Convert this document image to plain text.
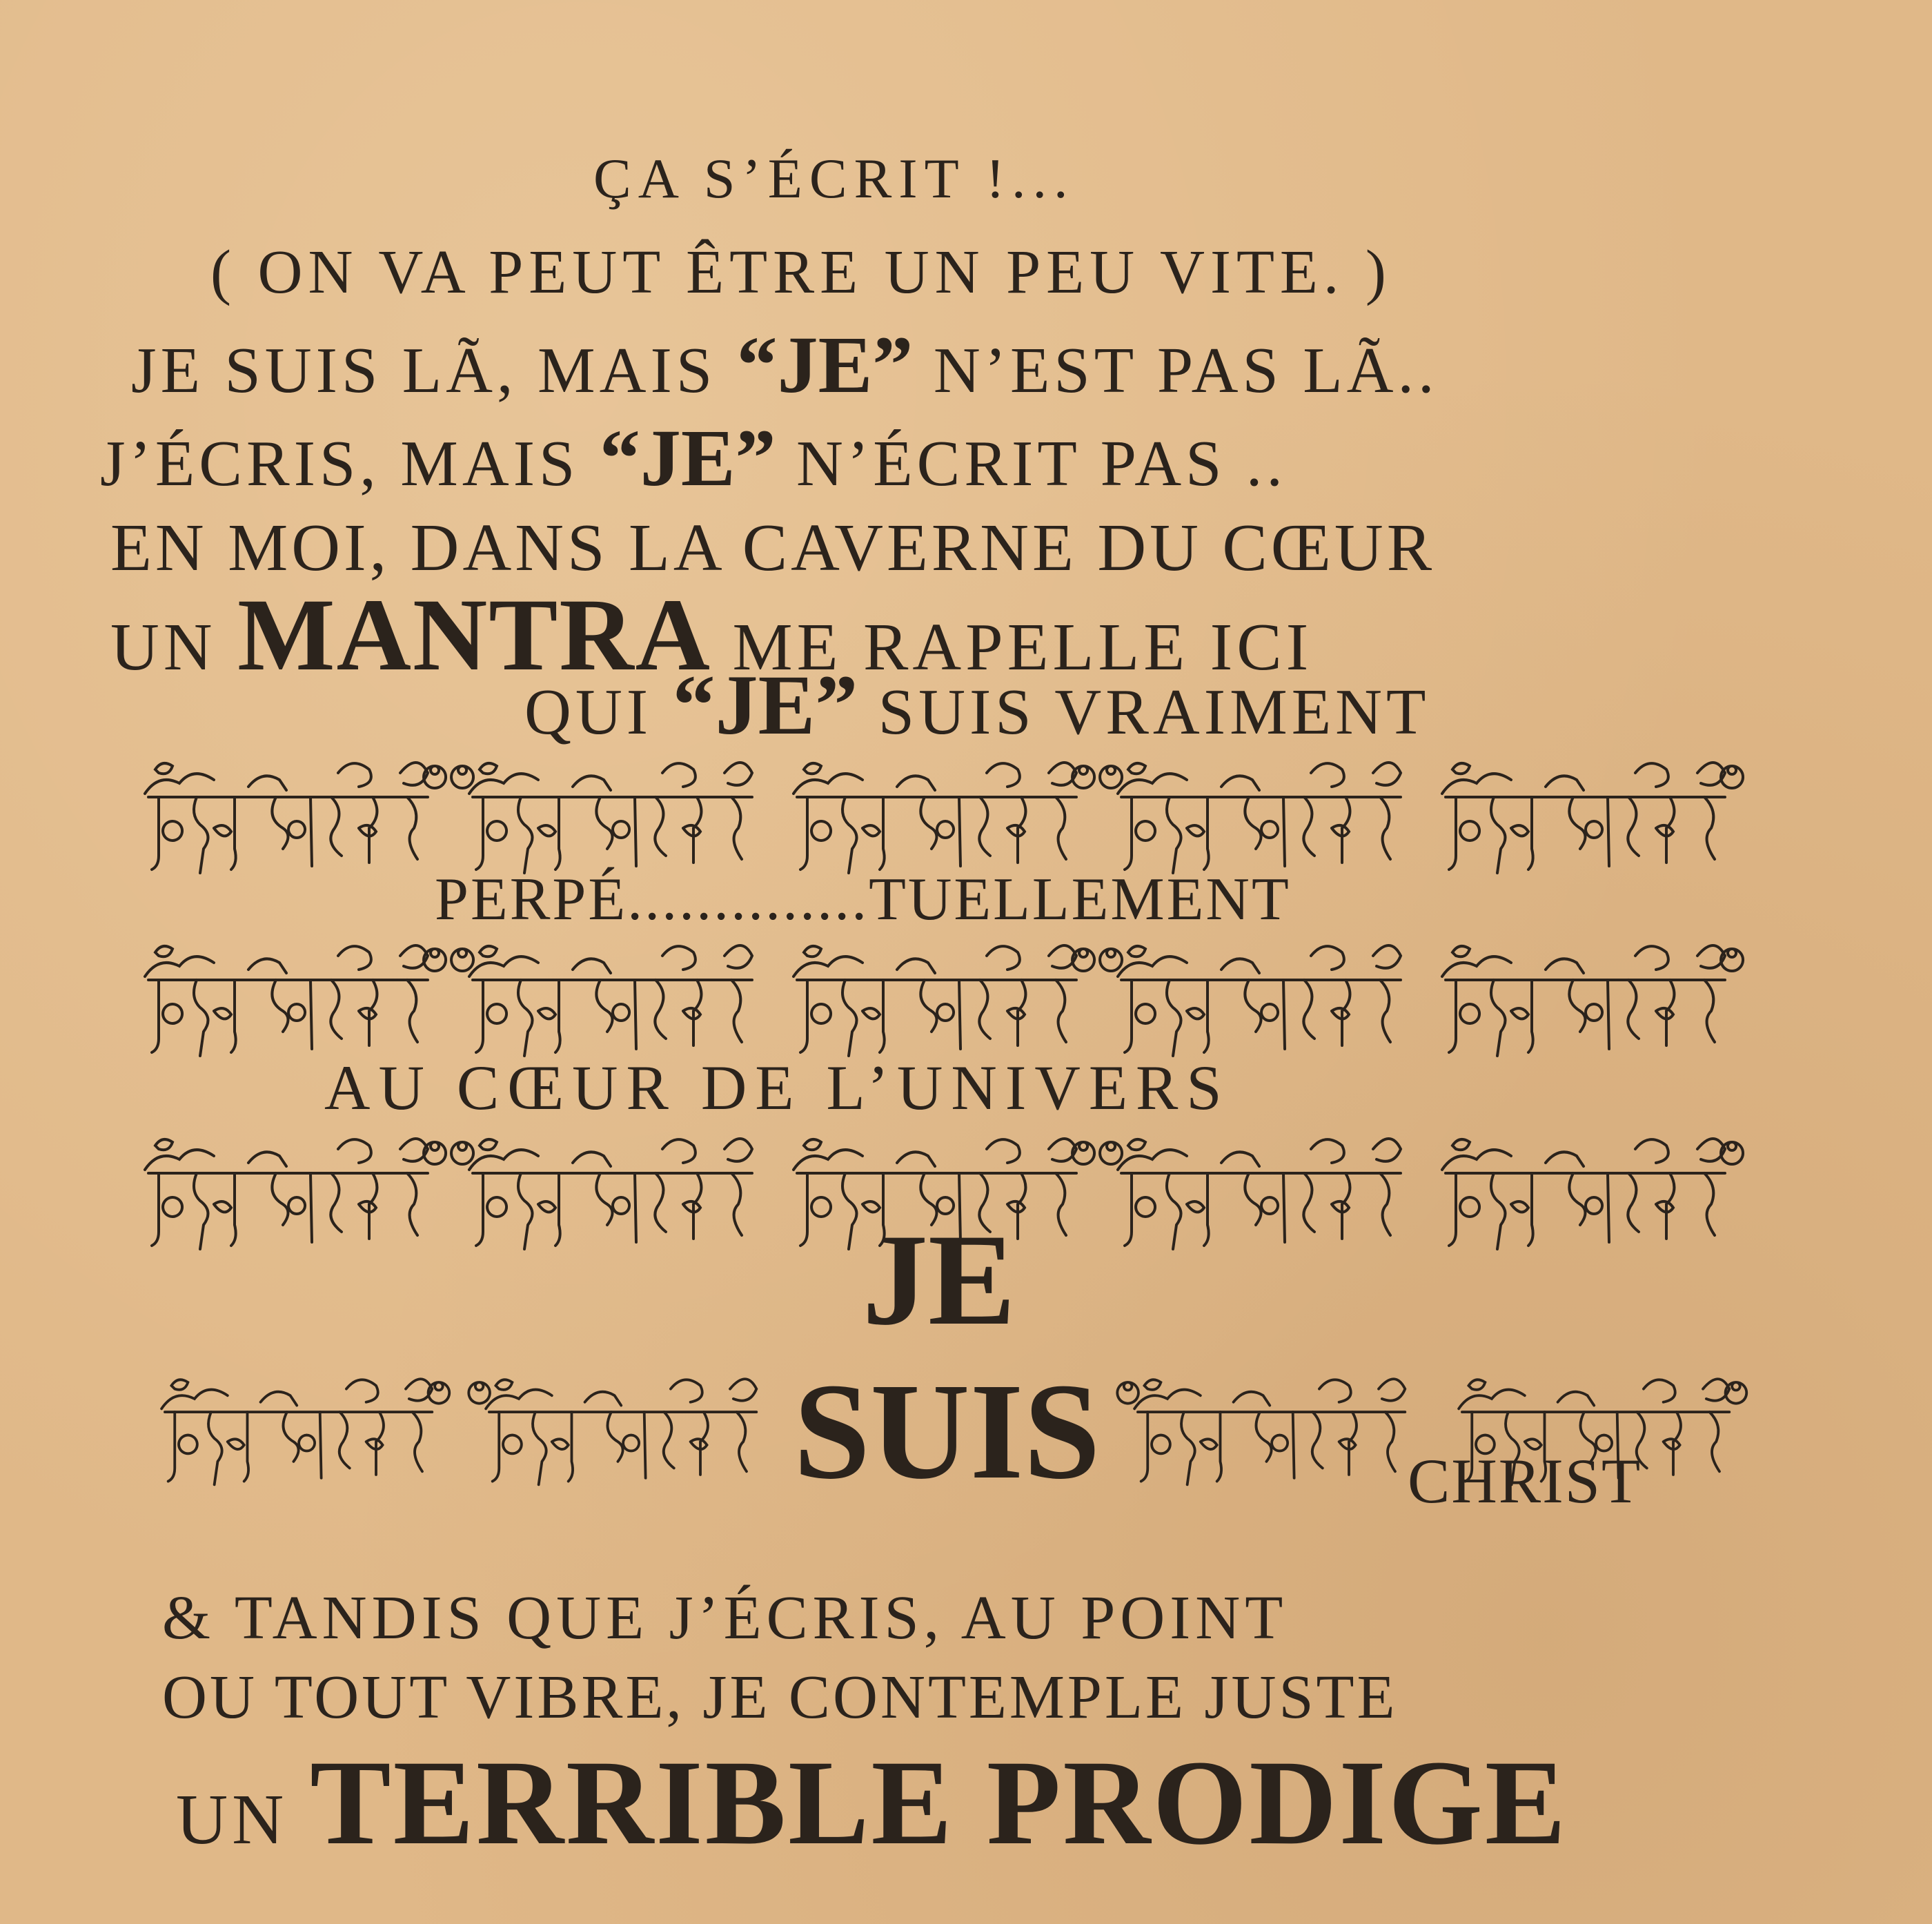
ÇA S’ÉCRIT !...

( ON VA PEUT ÊTRE UN PEU VITE. )

JE SUIS LÃ, MAIS “JE” N’EST PAS LÃ..

J’ÉCRIS, MAIS “JE” N’ÉCRIT PAS ..

EN MOI, DANS LA CAVERNE DU CŒUR

UN MANTRA ME RAPELLE ICI

QUI “JE” SUIS VRAIMENT

PERPÉ..............TUELLEMENT

AU CŒUR DE L’UNIVERS

JE

SUIS	CHRIST

& TANDIS QUE J’ÉCRIS, AU POINT

OU TOUT VIBRE, JE CONTEMPLE JUSTE

UN TERRIBLE PRODIGE
